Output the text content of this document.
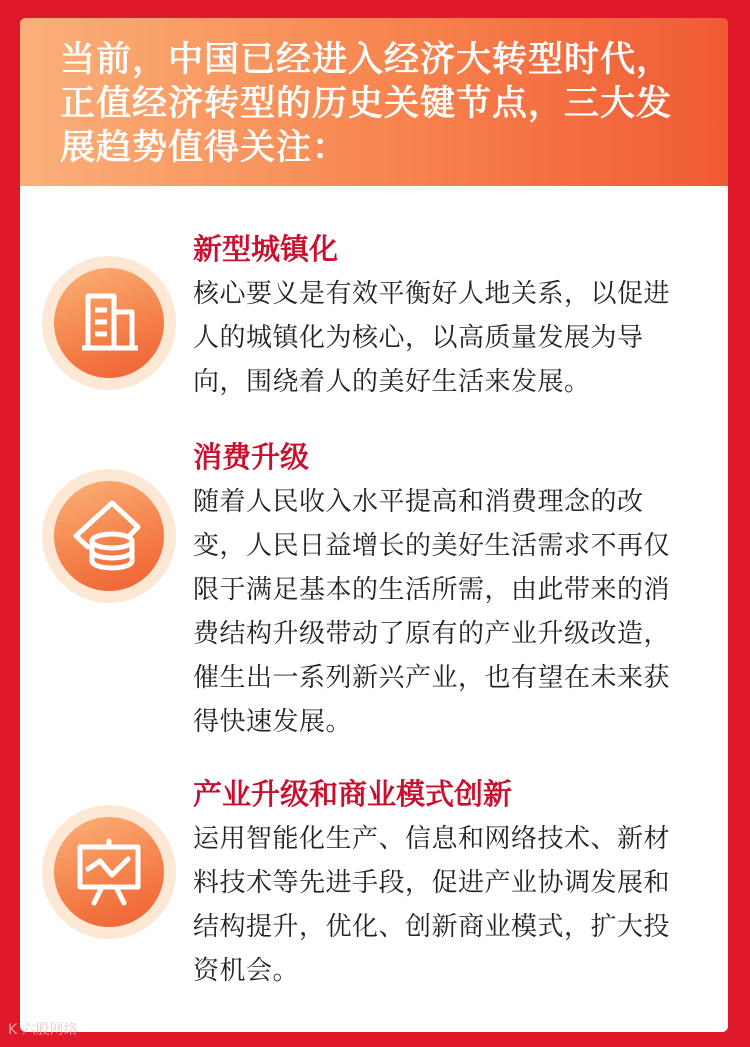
当前，中国已经进入经济大转型时代，正值经济转型的历史关键节点，三大发展趋势值得关注：

新型城镇化

核心要义是有效平衡好人地关系，以促进人的城镇化为核心，以高质量发展为导向，围绕着人的美好生活来发展。

消费升级

随着人民收入水平提高和消费理念的改变，人民日益增长的美好生活需求不再仅限于满足基本的生活所需，由此带来的消费结构升级带动了原有的产业升级改造，催生出一系列新兴产业，也有望在未来获得快速发展。

产业升级和商业模式创新

运用智能化生产、信息和网络技术、新材料技术等先进手段，促进产业协调发展和结构提升，优化、创新商业模式，扩大投资机会。

K 六股网络
